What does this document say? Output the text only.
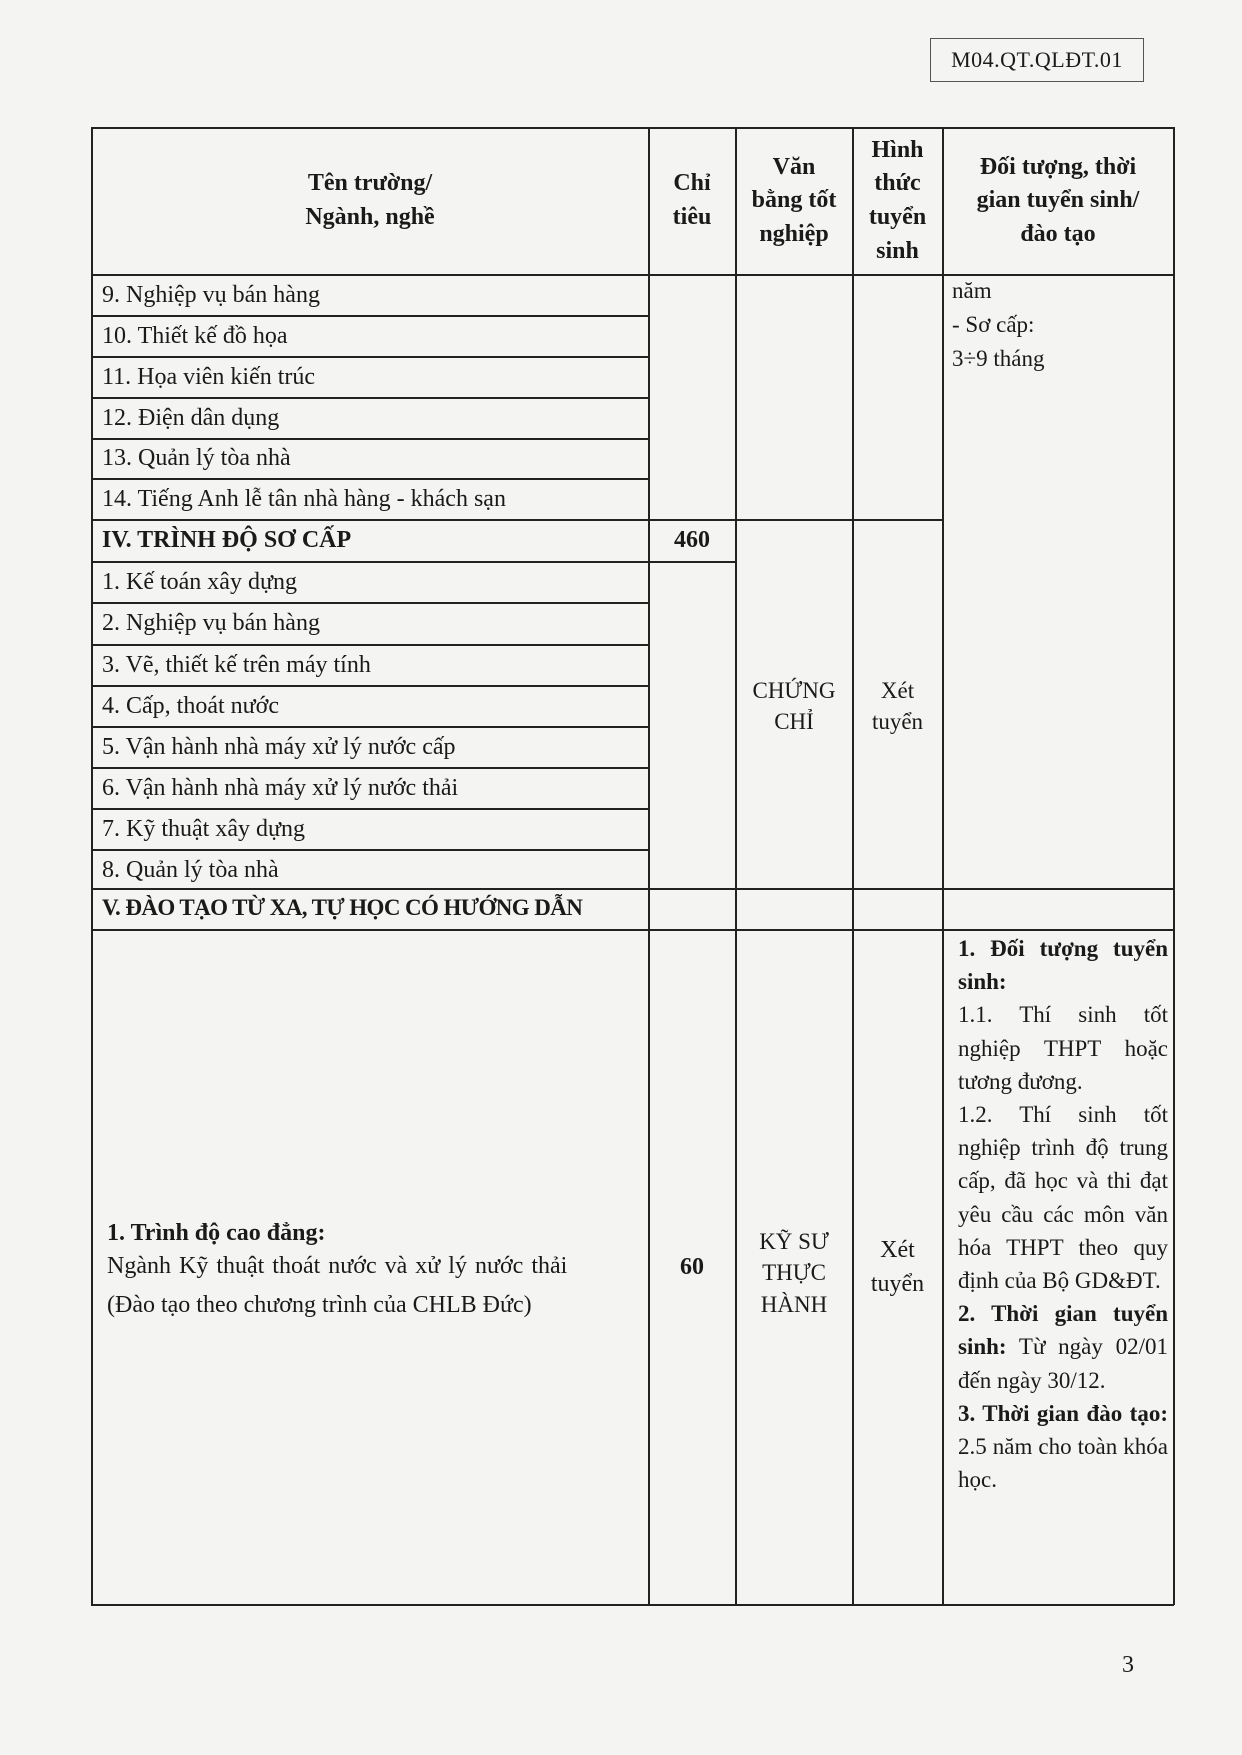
M04.QT.QLĐT.01
Tên trường/
Ngành, nghề
Chỉ
tiêu
Văn
bằng tốt
nghiệp
Hình
thức
tuyển
sinh
Đối tượng, thời
gian tuyển sinh/
đào tạo
9. Nghiệp vụ bán hàng
10. Thiết kế đồ họa
11. Họa viên kiến trúc
12. Điện dân dụng
13. Quản lý tòa nhà
14. Tiếng Anh lễ tân nhà hàng - khách sạn
năm
- Sơ cấp:
3÷9 tháng
IV. TRÌNH ĐỘ SƠ CẤP	460
1. Kế toán xây dựng
2. Nghiệp vụ bán hàng
3. Vẽ, thiết kế trên máy tính
4. Cấp, thoát nước
5. Vận hành nhà máy xử lý nước cấp
6. Vận hành nhà máy xử lý nước thải
7. Kỹ thuật xây dựng
8. Quản lý tòa nhà
CHỨNG
CHỈ
Xét
tuyển
V. ĐÀO TẠO TỪ XA, TỰ HỌC CÓ HƯỚNG DẪN
1. Trình độ cao đẳng:
Ngành Kỹ thuật thoát nước và xử lý nước thải
(Đào tạo theo chương trình của CHLB Đức)
60
KỸ SƯ
THỰC
HÀNH
Xét
tuyển

1. Đối tượng tuyển sinh:

1.1. Thí sinh tốt nghiệp THPT hoặc tương đương.

1.2. Thí sinh tốt nghiệp trình độ trung cấp, đã học và thi đạt yêu cầu các môn văn hóa THPT theo quy định của Bộ GD&ĐT.

2. Thời gian tuyển sinh: Từ ngày 02/01 đến ngày 30/12.

3. Thời gian đào tạo: 2.5 năm cho toàn khóa học.

3
